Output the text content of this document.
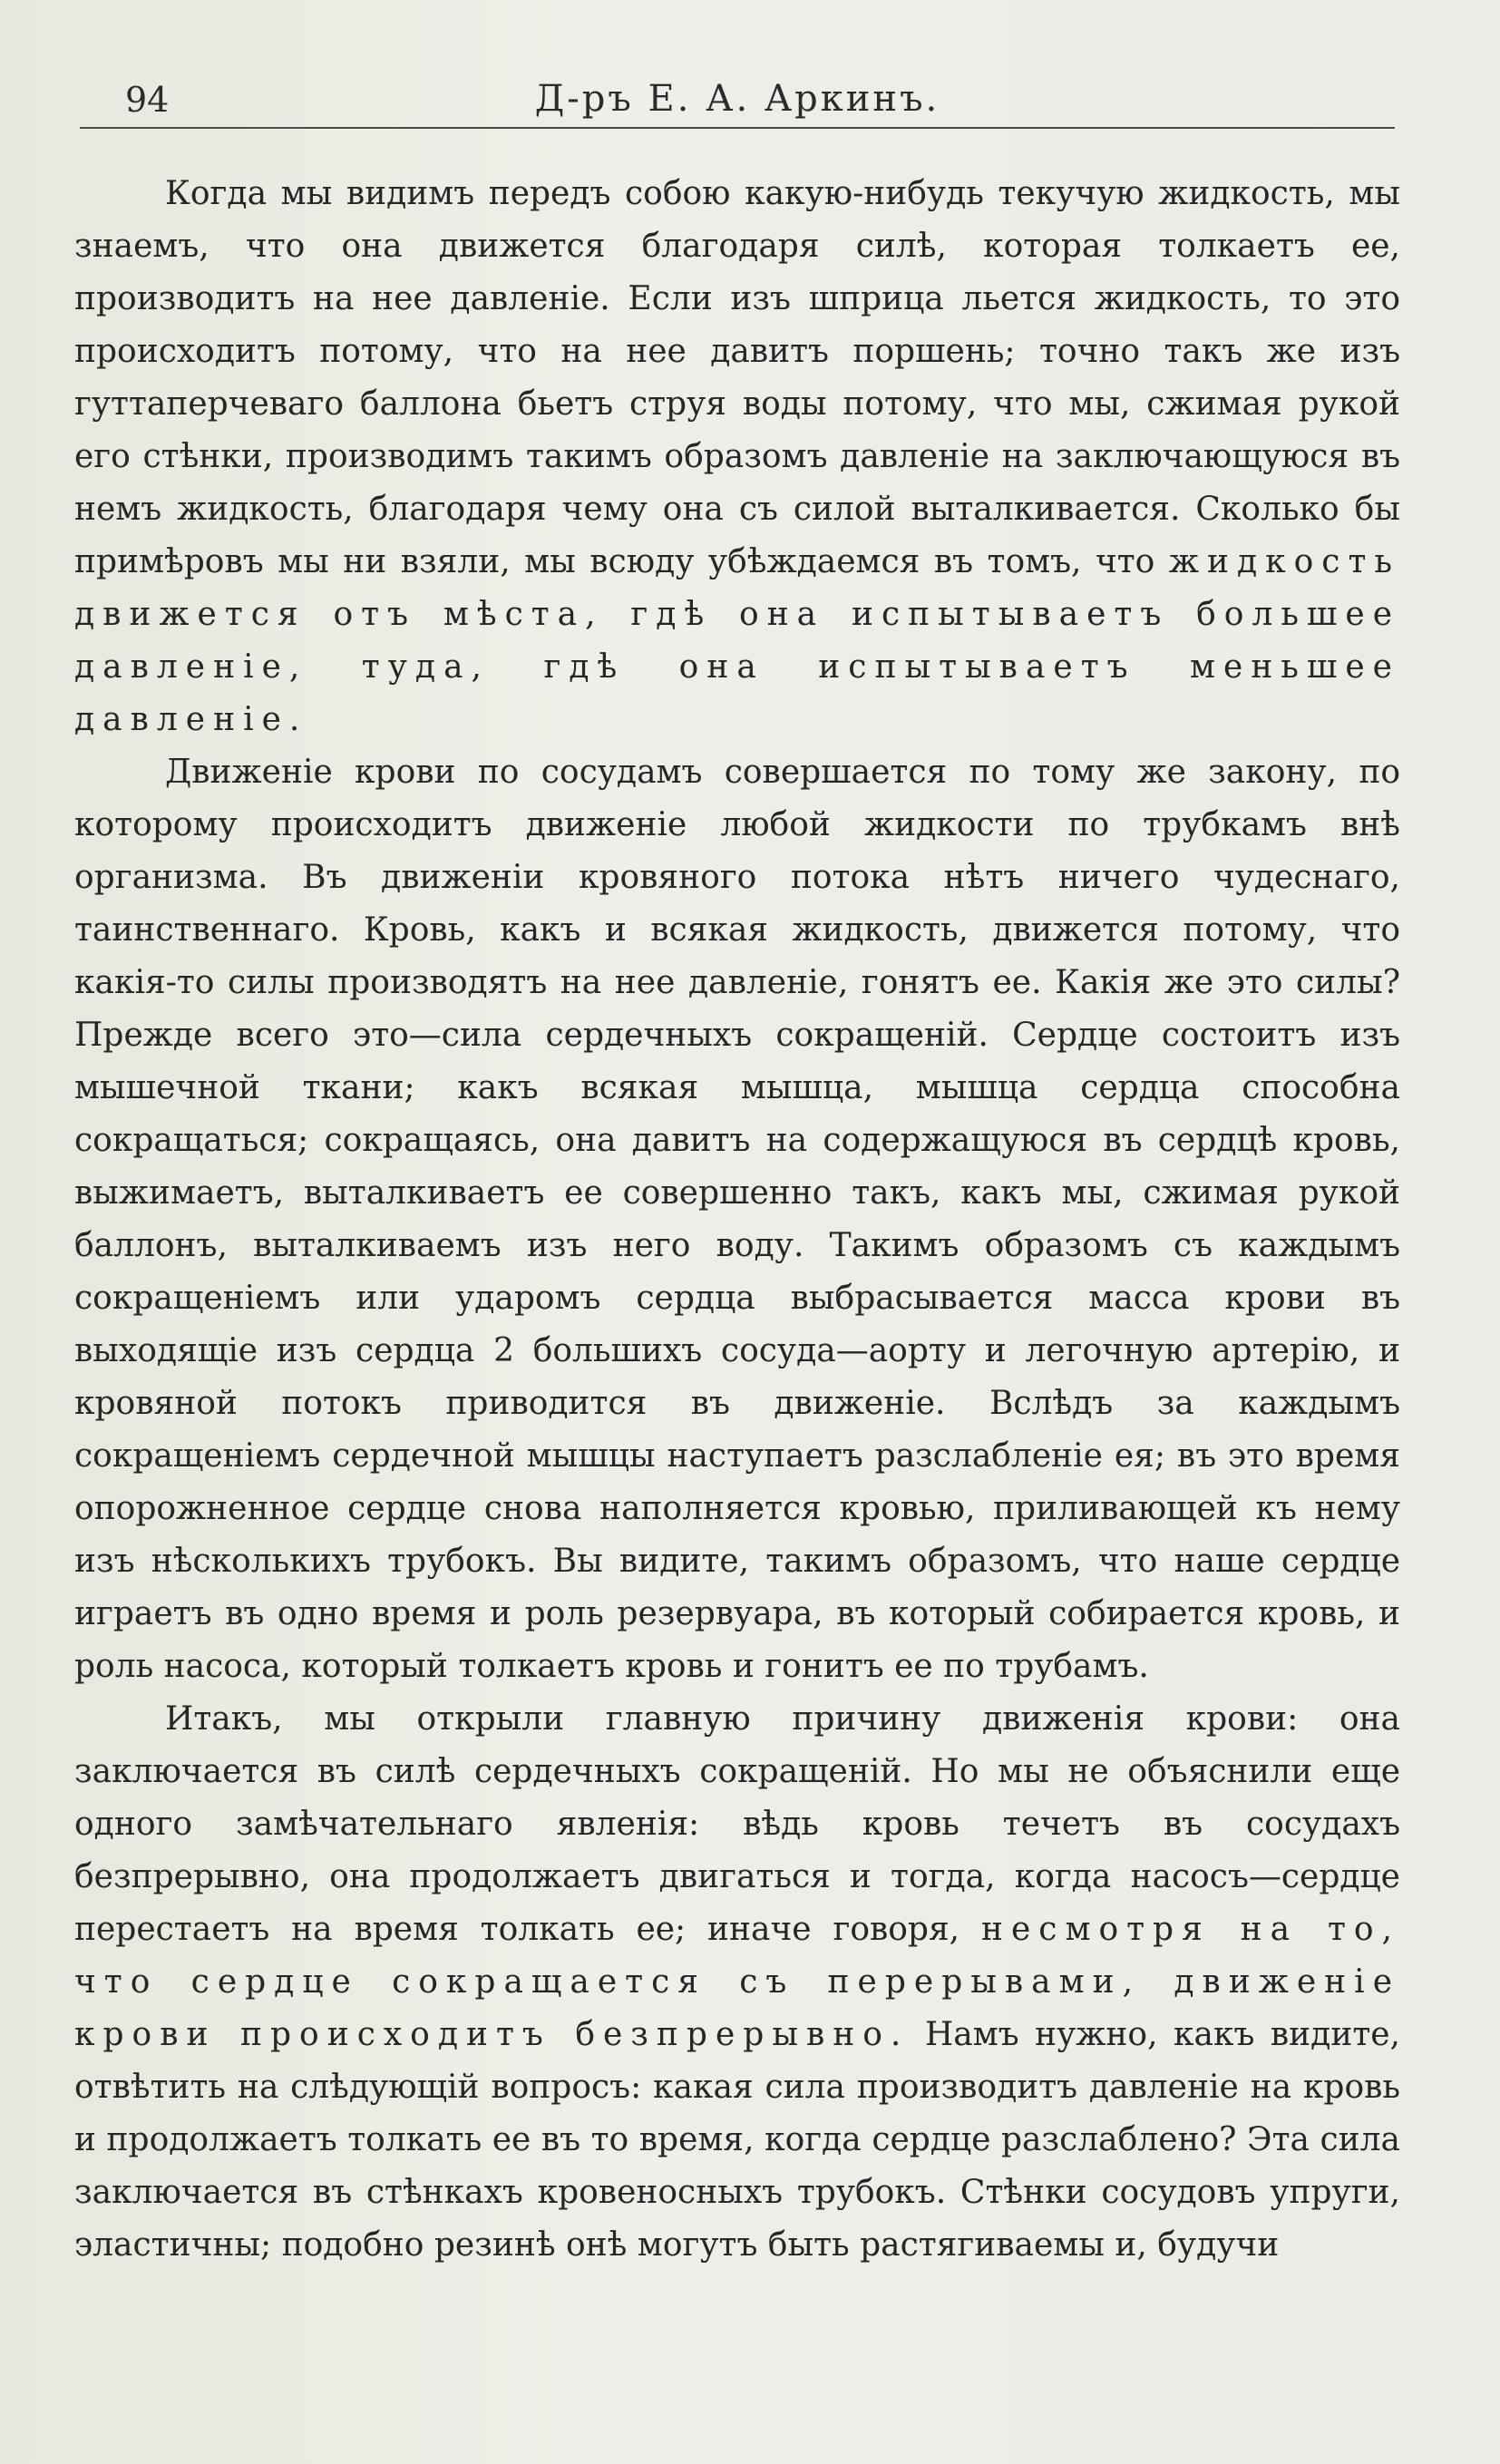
94	Д-ръ Е. А. Аркинъ.

Когда мы видимъ передъ собою какую-нибудь текучую жидкость, мы знаемъ, что она движется благодаря силѣ, которая толкаетъ ее, производитъ на нее давленіе. Если изъ шприца льется жидкость, то это происходитъ потому, что на нее давитъ поршень; точно такъ же изъ гуттаперчеваго баллона бьетъ струя воды потому, что мы, сжимая рукой его стѣнки, производимъ такимъ образомъ давленіе на заключающуюся въ немъ жидкость, благодаря чему она съ силой выталкивается. Сколько бы примѣровъ мы ни взяли, мы всюду убѣждаемся въ томъ, что жидкость движется отъ мѣста, гдѣ она испытываетъ большее давленіе, туда, гдѣ она испытываетъ меньшее давленіе.

Движеніе крови по сосудамъ совершается по тому же закону, по которому происходитъ движеніе любой жидкости по трубкамъ внѣ организма. Въ движеніи кровяного потока нѣтъ ничего чудеснаго, таинственнаго. Кровь, какъ и всякая жидкость, движется потому, что какія-то силы производятъ на нее давленіе, гонятъ ее. Какія же это силы? Прежде всего это—сила сердечныхъ сокращеній. Сердце состоитъ изъ мышечной ткани; какъ всякая мышца, мышца сердца способна сокращаться; сокращаясь, она давитъ на содержащуюся въ сердцѣ кровь, выжимаетъ, выталкиваетъ ее совершенно такъ, какъ мы, сжимая рукой баллонъ, выталкиваемъ изъ него воду. Такимъ образомъ съ каждымъ сокращеніемъ или ударомъ сердца выбрасывается масса крови въ выходящіе изъ сердца 2 большихъ сосуда—аорту и легочную артерію, и кровяной потокъ приводится въ движеніе. Вслѣдъ за каждымъ сокращеніемъ сердечной мышцы наступаетъ разслабленіе ея; въ это время опорожненное сердце снова наполняется кровью, приливающей къ нему изъ нѣсколькихъ трубокъ. Вы видите, такимъ образомъ, что наше сердце играетъ въ одно время и роль резервуара, въ который собирается кровь, и роль насоса, который толкаетъ кровь и гонитъ ее по трубамъ.

Итакъ, мы открыли главную причину движенія крови: она заключается въ силѣ сердечныхъ сокращеній. Но мы не объяснили еще одного замѣчательнаго явленія: вѣдь кровь течетъ въ сосудахъ безпрерывно, она продолжаетъ двигаться и тогда, когда насосъ—сердце перестаетъ на время толкать ее; иначе говоря, несмотря на то, что сердце сокращается съ перерывами, движеніе крови происходитъ безпрерывно. Намъ нужно, какъ видите, отвѣтить на слѣдующій вопросъ: какая сила производитъ давленіе на кровь и продолжаетъ толкать ее въ то время, когда сердце разслаблено? Эта сила заключается въ стѣнкахъ кровеносныхъ трубокъ. Стѣнки сосудовъ упруги, эластичны; подобно резинѣ онѣ могутъ быть растягиваемы и, будучи
